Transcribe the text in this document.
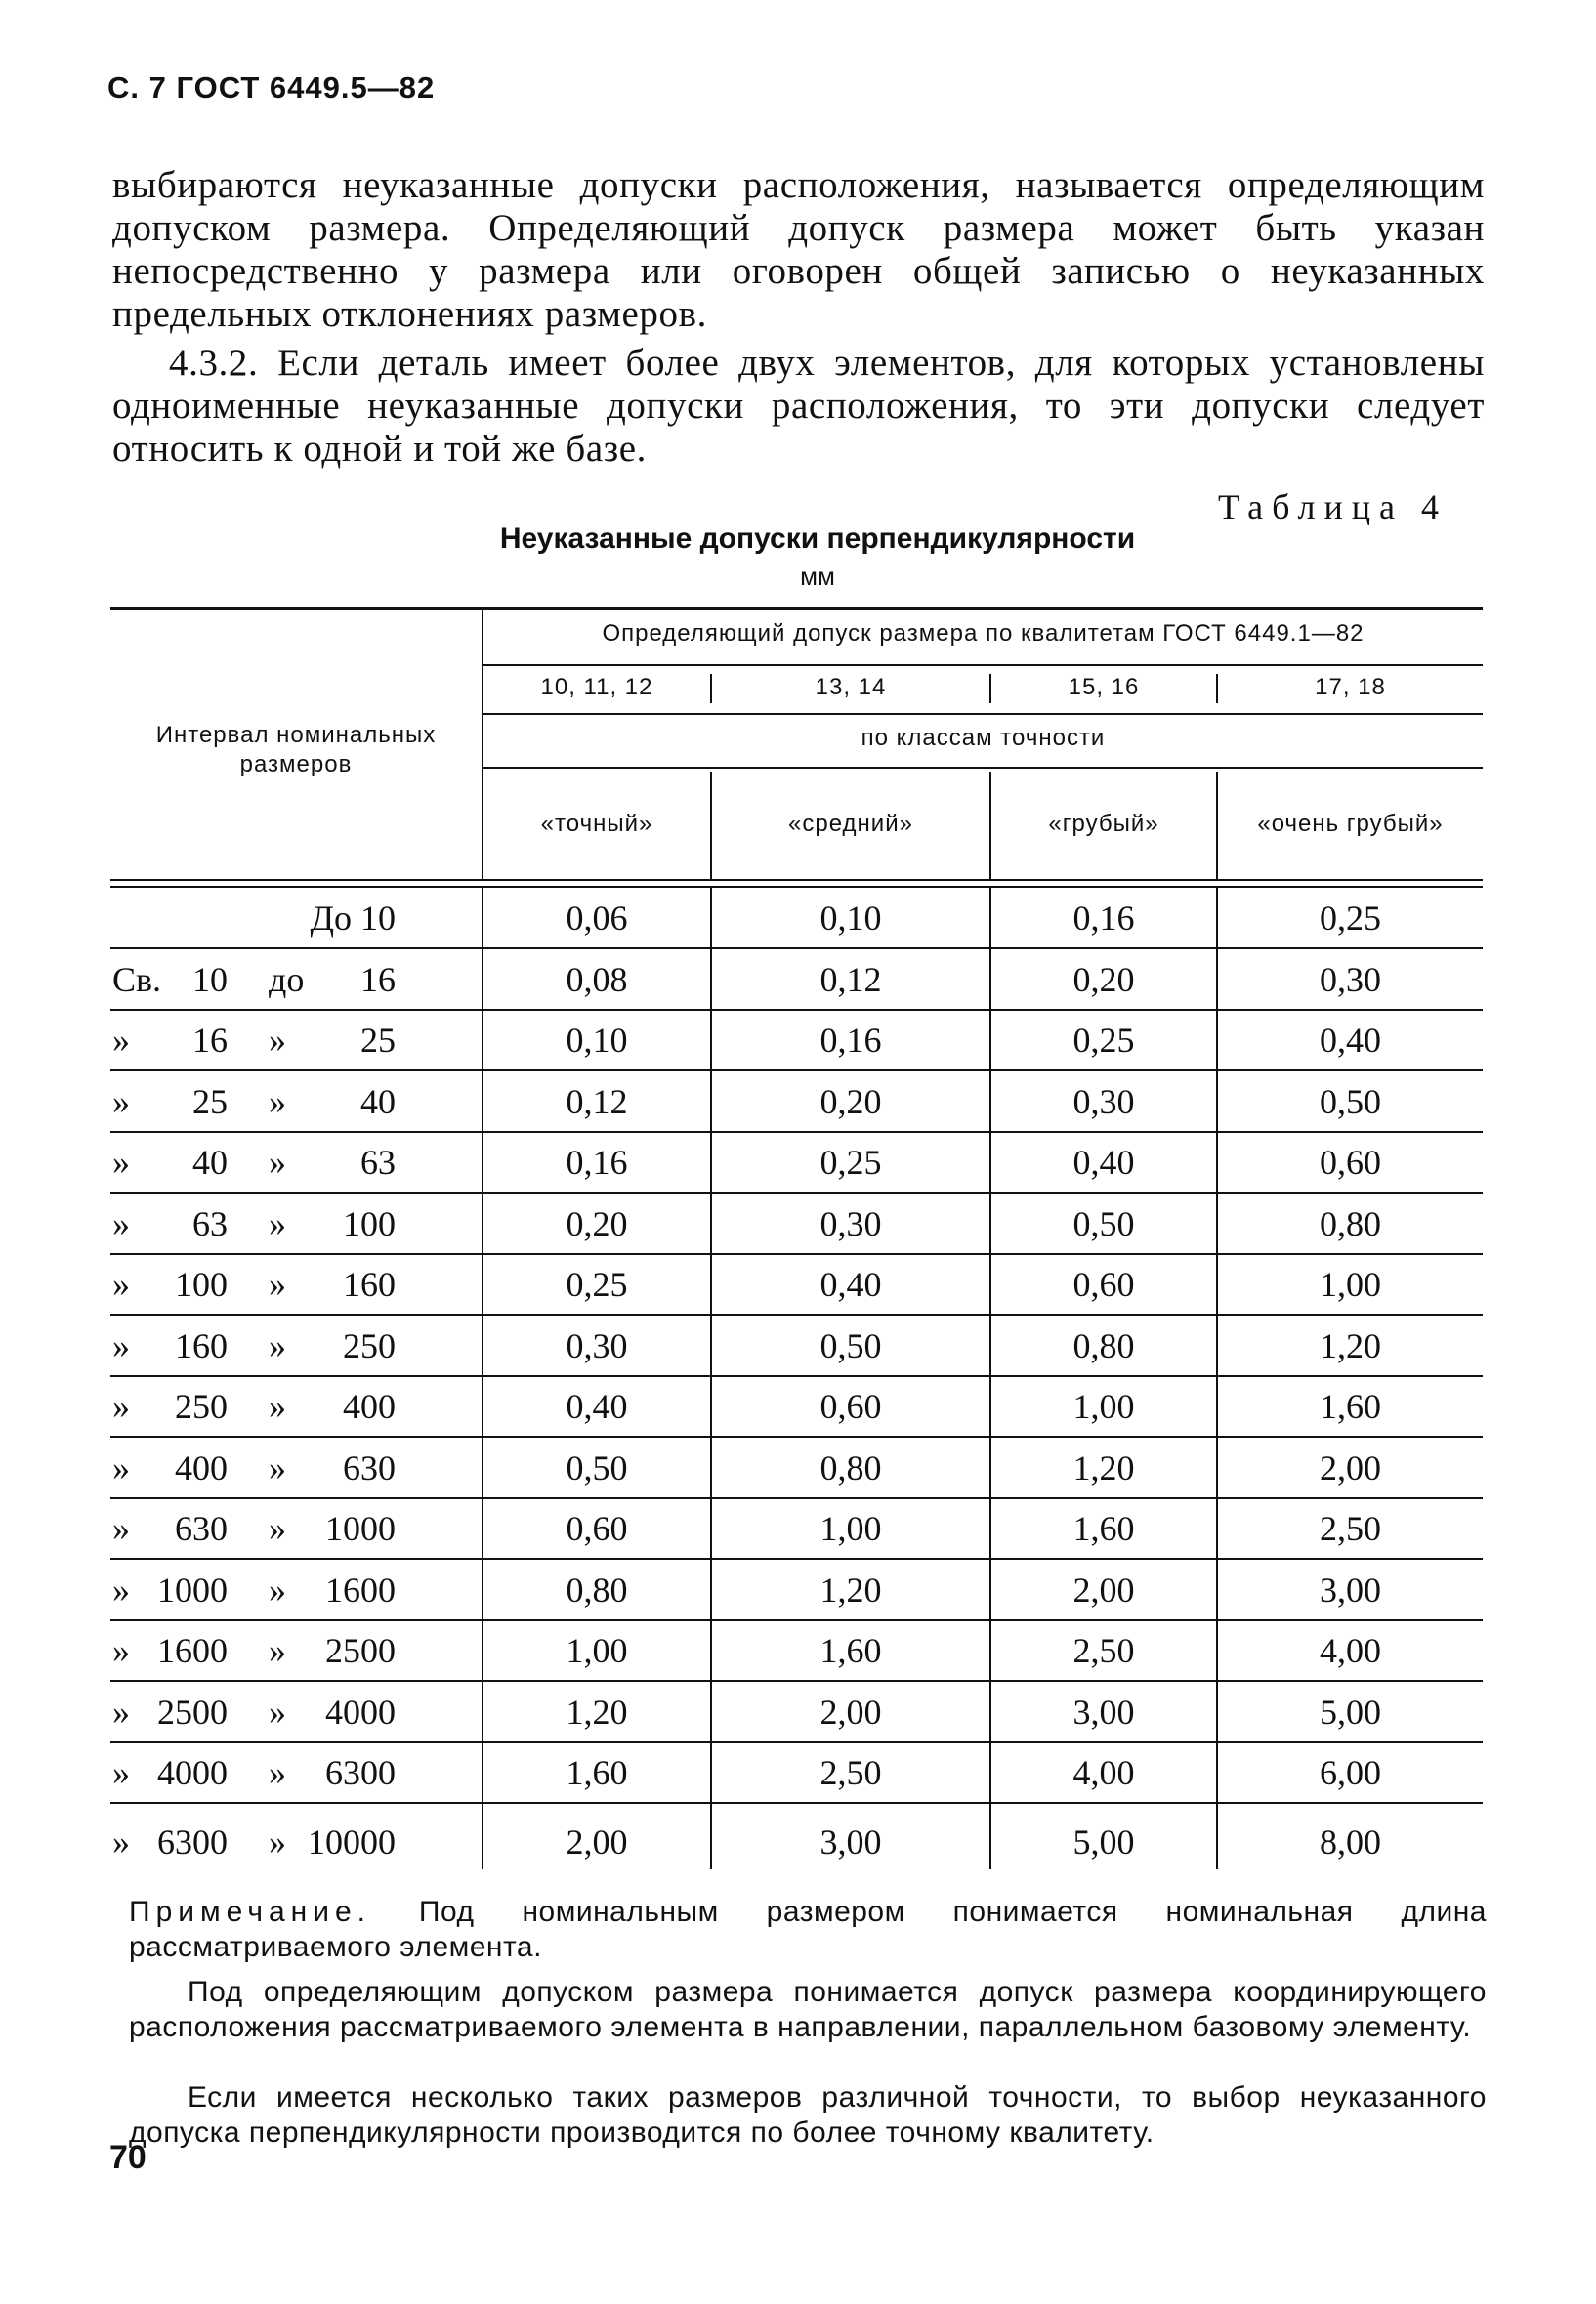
С. 7 ГОСТ 6449.5—82

выбираются неуказанные допуски расположения, называется определяющим допуском размера. Определяющий допуск размера может быть указан непосредственно у размера или оговорен общей записью о неуказанных предельных отклонениях размеров.

4.3.2. Если деталь имеет более двух элементов, для которых установлены одноименные неуказанные допуски расположения, то эти допуски следует относить к одной и той же базе.

Таблица 4
Неуказанные допуски перпендикулярности
мм
Интервал номинальных размеров
Определяющий допуск размера по квалитетам ГОСТ 6449.1—82
10, 11, 12	13, 14	15, 16	17, 18
по классам точности
«точный»	«средний»	«грубый»	«очень грубый»
До 10	0,06	0,10	0,16	0,25
Св. 10 до 16	0,08	0,12	0,20	0,30
» 16 » 25	0,10	0,16	0,25	0,40
» 25 » 40	0,12	0,20	0,30	0,50
» 40 » 63	0,16	0,25	0,40	0,60
» 63 » 100	0,20	0,30	0,50	0,80
» 100 » 160	0,25	0,40	0,60	1,00
» 160 » 250	0,30	0,50	0,80	1,20
» 250 » 400	0,40	0,60	1,00	1,60
» 400 » 630	0,50	0,80	1,20	2,00
» 630 » 1000	0,60	1,00	1,60	2,50
» 1000 » 1600	0,80	1,20	2,00	3,00
» 1600 » 2500	1,00	1,60	2,50	4,00
» 2500 » 4000	1,20	2,00	3,00	5,00
» 4000 » 6300	1,60	2,50	4,00	6,00
» 6300 » 10000	2,00	3,00	5,00	8,00

Примечание. Под номинальным размером понимается номинальная длина рассматриваемого элемента.

Под определяющим допуском размера понимается допуск размера координирующего расположения рассматриваемого элемента в направлении, параллельном базовому элементу.

Если имеется несколько таких размеров различной точности, то выбор неуказанного допуска перпендикулярности производится по более точному квалитету.

70
